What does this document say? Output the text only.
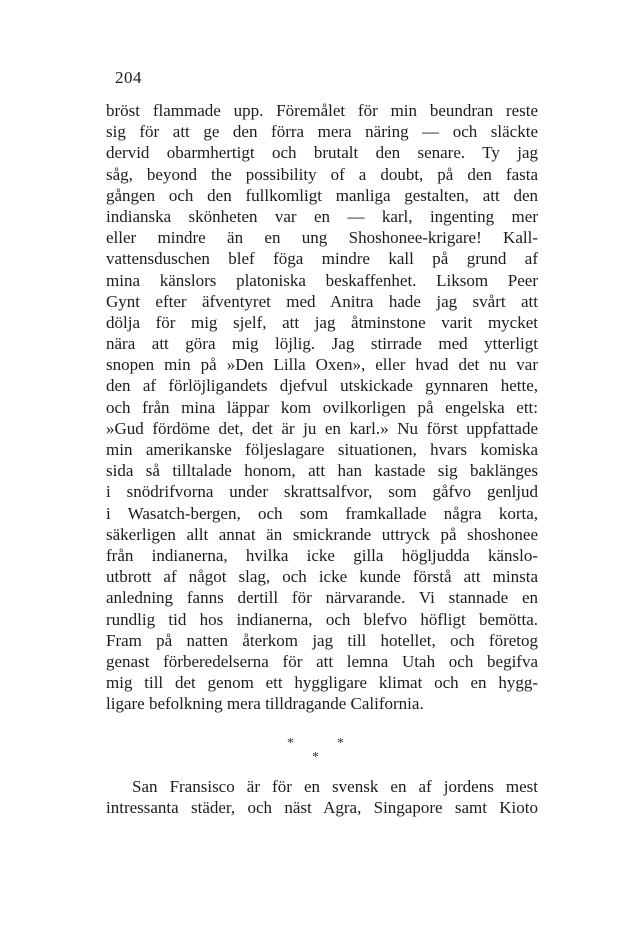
204
bröst flammade upp. Föremålet för min beundran reste
sig för att ge den förra mera näring — och släckte
dervid obarmhertigt och brutalt den senare. Ty jag
såg, beyond the possibility of a doubt, på den fasta
gången och den fullkomligt manliga gestalten, att den
indianska skönheten var en — karl, ingenting mer
eller mindre än en ung Shoshonee-krigare! Kall-
vattensduschen blef föga mindre kall på grund af
mina känslors platoniska beskaffenhet. Liksom Peer
Gynt efter äfventyret med Anitra hade jag svårt att
dölja för mig sjelf, att jag åtminstone varit mycket
nära att göra mig löjlig. Jag stirrade med ytterligt
snopen min på »Den Lilla Oxen», eller hvad det nu var
den af förlöjligandets djefvul utskickade gynnaren hette,
och från mina läppar kom ovilkorligen på engelska ett:
»Gud fördöme det, det är ju en karl.» Nu först uppfattade
min amerikanske följeslagare situationen, hvars komiska
sida så tilltalade honom, att han kastade sig baklänges
i snödrifvorna under skrattsalfvor, som gåfvo genljud
i Wasatch-bergen, och som framkallade några korta,
säkerligen allt annat än smickrande uttryck på shoshonee
från indianerna, hvilka icke gilla högljudda känslo-
utbrott af något slag, och icke kunde förstå att minsta
anledning fanns dertill för närvarande. Vi stannade en
rundlig tid hos indianerna, och blefvo höfligt bemötta.
Fram på natten återkom jag till hotellet, och företog
genast förberedelserna för att lemna Utah och begifva
mig till det genom ett hyggligare klimat och en hygg-
ligare befolkning mera tilldragande California.
*	*
*
San Fransisco är för en svensk en af jordens mest
intressanta städer, och näst Agra, Singapore samt Kioto
